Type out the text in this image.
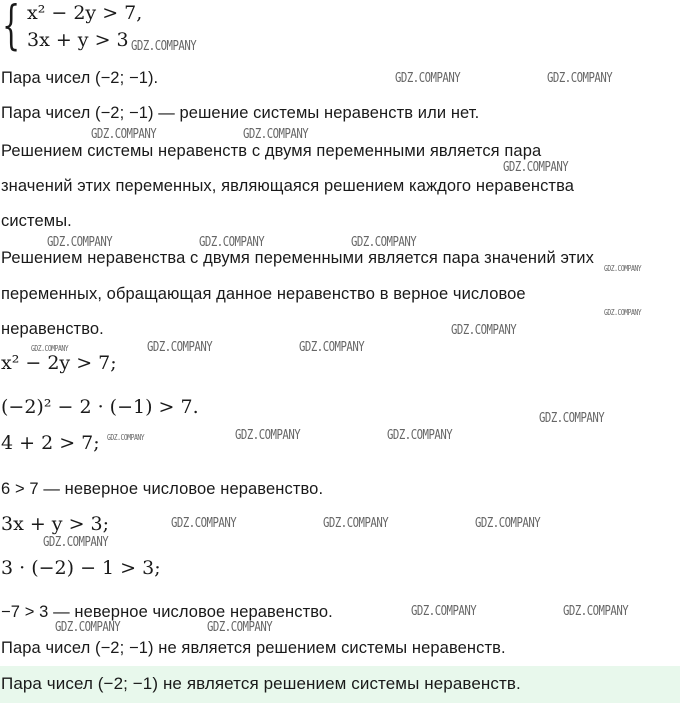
{ x² − 2y > 7,
3x + y > 3
Пара чисел (−2; −1).
Пара чисел (−2; −1) — решение системы неравенств или нет.
Решением системы неравенств с двумя переменными является пара
значений этих переменных, являющаяся решением каждого неравенства
системы.
Решением неравенства с двумя переменными является пара значений этих
переменных, обращающая данное неравенство в верное числовое
неравенство.
x² − 2y > 7;
(−2)² − 2 · (−1) > 7.
4 + 2 > 7;
6 > 7 — неверное числовое неравенство.
3x + y > 3;
3 · (−2) − 1 > 3;
−7 > 3 — неверное числовое неравенство.
Пара чисел (−2; −1) не является решением системы неравенств.
Пара чисел (−2; −1) не является решением системы неравенств.
GDZ.COMPANY
GDZ.COMPANY	GDZ.COMPANY
GDZ.COMPANY	GDZ.COMPANY
GDZ.COMPANY
GDZ.COMPANY	GDZ.COMPANY	GDZ.COMPANY
GDZ.COMPANY
GDZ.COMPANY
GDZ.COMPANY
GDZ.COMPANY	GDZ.COMPANY	GDZ.COMPANY
GDZ.COMPANY
GDZ.COMPANY	GDZ.COMPANY	GDZ.COMPANY
GDZ.COMPANY	GDZ.COMPANY	GDZ.COMPANY
GDZ.COMPANY
GDZ.COMPANY	GDZ.COMPANY
GDZ.COMPANY	GDZ.COMPANY
